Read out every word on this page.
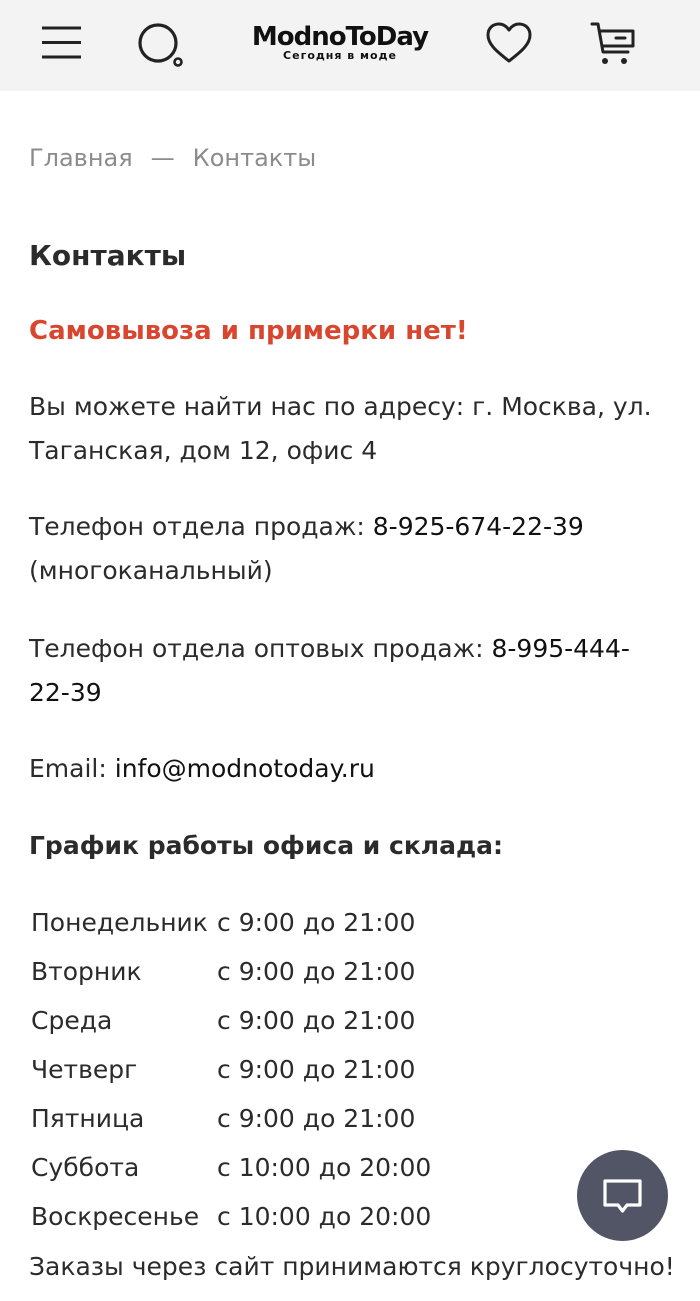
ModnoToDay
Сегодня в моде
Главная — Контакты
Контакты

Самовывоза и примерки нет!

Вы можете найти нас по адресу: г. Москва, ул. Таганская, дом 12, офис 4

Телефон отдела продаж: 8-925-674-22-39 (многоканальный)

Телефон отдела оптовых продаж: 8-995-444-22-39

Email: info@modnotoday.ru

График работы офиса и склада:

Понедельник с 9:00 до 21:00
Вторник	с 9:00 до 21:00
Среда	с 9:00 до 21:00
Четверг	с 9:00 до 21:00
Пятница	с 9:00 до 21:00
Суббота	с 10:00 до 20:00
Воскресенье с 10:00 до 20:00

Заказы через сайт принимаются круглосуточно!
